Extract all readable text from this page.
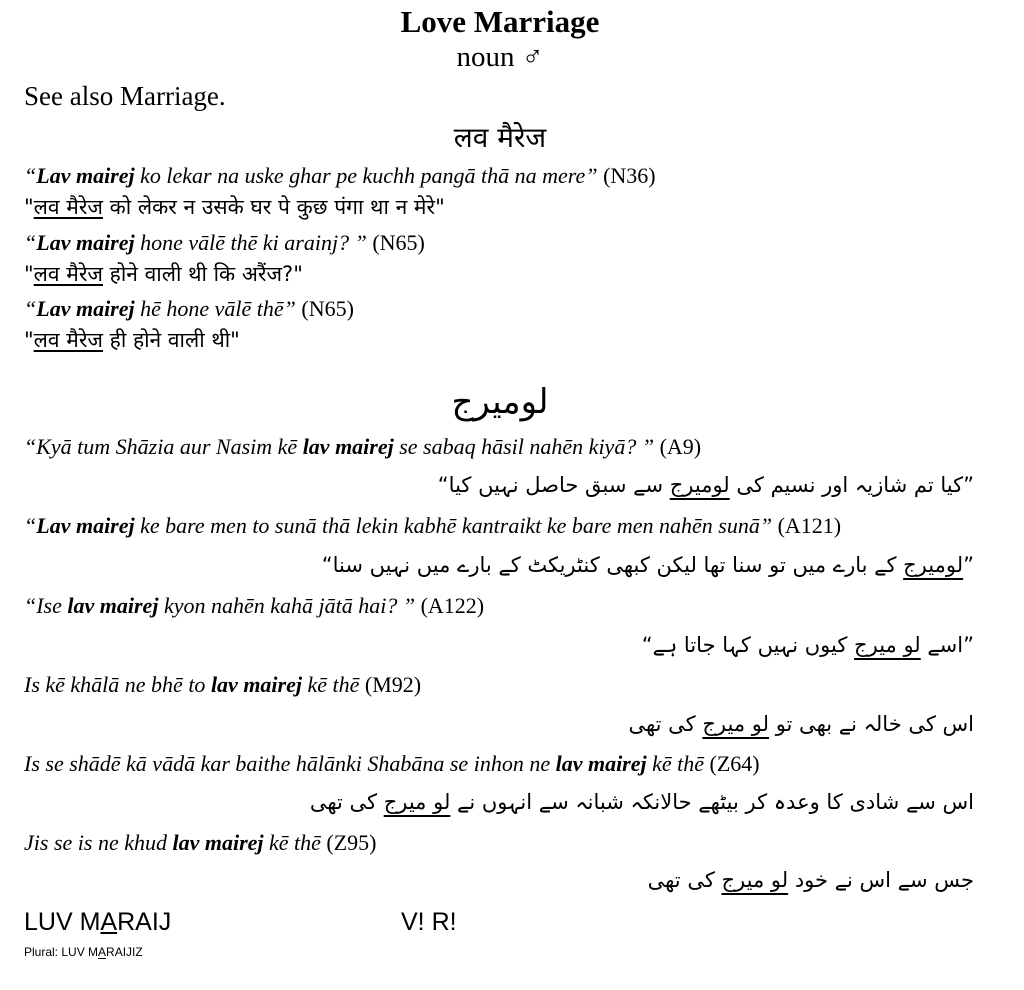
Love Marriage
noun ♂
See also Marriage.
लव मैरेज
“Lav mairej ko lekar na uske ghar pe kuchh pangā thā na mere” (N36)
"लव मैरेज को लेकर न उसके घर पे कुछ पंगा था न मेरे"
“Lav mairej hone vālē thē ki arainj? ” (N65)
"लव मैरेज होने वाली थी कि अरैंज?"
“Lav mairej hē hone vālē thē” (N65)
"लव मैरेज ही होने वाली थी"
لومیرج
“Kyā tum Shāzia aur Nasim kē lav mairej se sabaq hāsil nahēn kiyā? ” (A9)
”کیا تم شازیہ اور نسیم کی لومیرج سے سبق حاصل نہیں کیا“
“Lav mairej ke bare men to sunā thā lekin kabhē kantraikt ke bare men nahēn sunā” (A121)
”لومیرج کے بارے میں تو سنا تھا لیکن کبھی کنٹریکٹ کے بارے میں نہیں سنا“
“Ise lav mairej kyon nahēn kahā jātā hai? ” (A122)
”اسے لو میرج کیوں نہیں کہا جاتا ہے“
Is kē khālā ne bhē to lav mairej kē thē (M92)
اس کی خالہ نے بھی تو لو میرج کی تھی
Is se shādē kā vādā kar baithe hālānki Shabāna se inhon ne lav mairej kē thē (Z64)
اس سے شادی کا وعدہ کر بیٹھے حالانکہ شبانہ سے انہوں نے لو میرج کی تھی
Jis se is ne khud lav mairej kē thē (Z95)
جس سے اس نے خود لو میرج کی تھی
LUV MARAIJ	V! R!
Plural: LUV MARAIJIZ
